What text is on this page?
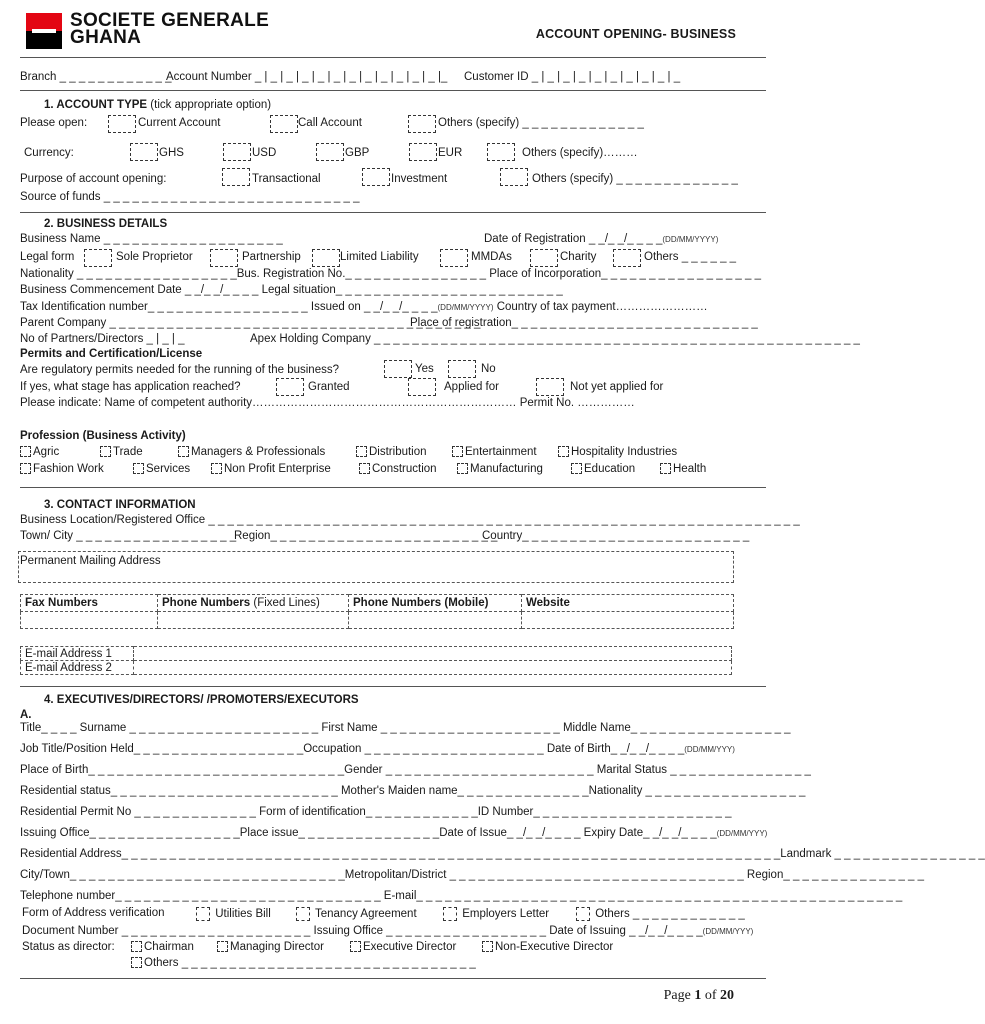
SOCIETE GENERALE
GHANA	ACCOUNT OPENING- BUSINESS
Branch _ _ _ _ _ _ _ _ _ _ _ _
Account Number _ | _ | _ | _ | _ | _ | _ | _ | _ | _ | _ | _ |_ Customer ID _ | _ | _ | _ | _ | _ | _ | _ | _ | _
1. ACCOUNT TYPE (tick appropriate option)
Please open:	Current Account	Call Account	Others (specify) _ _ _ _ _ _ _ _ _ _ _ _ _
Currency:	GHS	USD	GBP	EUR	Others (specify)………
Purpose of account opening:	Transactional	Investment	Others (specify) _ _ _ _ _ _ _ _ _ _ _ _ _
Source of funds _ _ _ _ _ _ _ _ _ _ _ _ _ _ _ _ _ _ _ _ _ _ _ _ _ _ _
2. BUSINESS DETAILS
Business Name _ _ _ _ _ _ _ _ _ _ _ _ _ _ _ _ _ _ _	Date of Registration _ _/_ _/_ _ _ _(DD/MM/YYYY)
Legal form	Sole Proprietor	Partnership	Limited Liability	MMDAs	Charity	Others _ _ _ _ _ _
Nationality _ _ _ _ _ _ _ _ _ _ _ _ _ _ _ _ _Bus. Registration No._ _ _ _ _ _ _ _ _ _ _ _ _ _ _ Place of Incorporation_ _ _ _ _ _ _ _ _ _ _ _ _ _ _ _ _
Business Commencement Date _ _/_ _/_ _ _ _ Legal situation_ _ _ _ _ _ _ _ _ _ _ _ _ _ _ _ _ _ _ _ _ _ _ _
Tax Identification number_ _ _ _ _ _ _ _ _ _ _ _ _ _ _ _ _ Issued on _ _/_ _/_ _ _ _(DD/MM/YYYY) Country of tax payment……………………
Parent Company _ _ _ _ _ _ _ _ _ _ _ _ _ _ _ _ _ _ _ _ _ _ _ _ _ _ _ _ _ _ _ _ _ _ _ _ _ _ _
Place of registration_ _ _ _ _ _ _ _ _ _ _ _ _ _ _ _ _ _ _ _ _ _ _ _ _ _
No of Partners/Directors _ | _ | _	Apex Holding Company _ _ _ _ _ _ _ _ _ _ _ _ _ _ _ _ _ _ _ _ _ _ _ _ _ _ _ _ _ _ _ _ _ _ _ _ _ _ _ _ _ _ _ _ _ _ _ _ _ _ _
Permits and Certification/License
Are regulatory permits needed for the running of the business?	Yes	No
If yes, what stage has application reached?	Granted	Applied for	Not yet applied for
Please indicate: Name of competent authority…………………………………………………………… Permit No. ……………
Profession (Business Activity)
Agric	Trade	Managers & Professionals	Distribution	Entertainment	Hospitality Industries
Fashion Work	Services	Non Profit Enterprise	Construction	Manufacturing	Education	Health
3. CONTACT INFORMATION
Business Location/Registered Office _ _ _ _ _ _ _ _ _ _ _ _ _ _ _ _ _ _ _ _ _ _ _ _ _ _ _ _ _ _ _ _ _ _ _ _ _ _ _ _ _ _ _ _ _ _ _ _ _ _ _ _ _ _ _ _ _ _ _ _ _ _
Town/ City _ _ _ _ _ _ _ _ _ _ _ _ _ _ _ _ _
Region_ _ _ _ _ _ _ _ _ _ _ _ _ _ _ _ _ _ _ _ _ _ _ _
Country_ _ _ _ _ _ _ _ _ _ _ _ _ _ _ _ _ _ _ _ _ _ _ _
Permanent Mailing Address
Fax Numbers	Phone Numbers (Fixed Lines)	Phone Numbers (Mobile)	Website

E-mail Address 1	
E-mail Address 2	
4. EXECUTIVES/DIRECTORS/ /PROMOTERS/EXECUTORS
A.
Title_ _ _ _ Surname _ _ _ _ _ _ _ _ _ _ _ _ _ _ _ _ _ _ _ _ First Name _ _ _ _ _ _ _ _ _ _ _ _ _ _ _ _ _ _ _ Middle Name_ _ _ _ _ _ _ _ _ _ _ _ _ _ _ _ _
Job Title/Position Held_ _ _ _ _ _ _ _ _ _ _ _ _ _ _ _ _ _Occupation _ _ _ _ _ _ _ _ _ _ _ _ _ _ _ _ _ _ _ Date of Birth_ _/_ _/_ _ _ _(DD/MM/YYY)
Place of Birth_ _ _ _ _ _ _ _ _ _ _ _ _ _ _ _ _ _ _ _ _ _ _ _ _ _ _Gender _ _ _ _ _ _ _ _ _ _ _ _ _ _ _ _ _ _ _ _ _ _ Marital Status _ _ _ _ _ _ _ _ _ _ _ _ _ _ _
Residential status_ _ _ _ _ _ _ _ _ _ _ _ _ _ _ _ _ _ _ _ _ _ _ _ Mother's Maiden name_ _ _ _ _ _ _ _ _ _ _ _ _ _Nationality _ _ _ _ _ _ _ _ _ _ _ _ _ _ _ _ _
Residential Permit No _ _ _ _ _ _ _ _ _ _ _ _ _ Form of identification_ _ _ _ _ _ _ _ _ _ _ _ID Number_ _ _ _ _ _ _ _ _ _ _ _ _ _ _ _ _ _ _ _ _
Issuing Office_ _ _ _ _ _ _ _ _ _ _ _ _ _ _ _Place issue_ _ _ _ _ _ _ _ _ _ _ _ _ _ _Date of Issue_ _/_ _/_ _ _ _ Expiry Date_ _/_ _/_ _ _ _(DD/MM/YYY)
Residential Address_ _ _ _ _ _ _ _ _ _ _ _ _ _ _ _ _ _ _ _ _ _ _ _ _ _ _ _ _ _ _ _ _ _ _ _ _ _ _ _ _ _ _ _ _ _ _ _ _ _ _ _ _ _ _ _ _ _ _ _ _ _ _ _ _ _ _ _ _Landmark _ _ _ _ _ _ _ _ _ _ _ _ _ _ _ _
City/Town_ _ _ _ _ _ _ _ _ _ _ _ _ _ _ _ _ _ _ _ _ _ _ _ _ _ _ _ _Metropolitan/District _ _ _ _ _ _ _ _ _ _ _ _ _ _ _ _ _ _ _ _ _ _ _ _ _ _ _ _ _ _ _ Region_ _ _ _ _ _ _ _ _ _ _ _ _ _ _
Telephone number_ _ _ _ _ _ _ _ _ _ _ _ _ _ _ _ _ _ _ _ _ _ _ _ _ _ _ _ E-mail_ _ _ _ _ _ _ _ _ _ _ _ _ _ _ _ _ _ _ _ _ _ _ _ _ _ _ _ _ _ _ _ _ _ _ _ _ _ _ _ _ _ _ _ _ _ _ _ _ _ _
Form of Address verification	Utilities Bill	Tenancy Agreement	Employers Letter	Others _ _ _ _ _ _ _ _ _ _ _ _
Document Number _ _ _ _ _ _ _ _ _ _ _ _ _ _ _ _ _ _ _ _ Issuing Office _ _ _ _ _ _ _ _ _ _ _ _ _ _ _ _ _ Date of Issuing _ _/_ _/_ _ _ _(DD/MM/YYY)
Status as director:	Chairman	Managing Director	Executive Director	Non-Executive Director
Others _ _ _ _ _ _ _ _ _ _ _ _ _ _ _ _ _ _ _ _ _ _ _ _ _ _ _ _ _ _ _
Page 1 of 20
